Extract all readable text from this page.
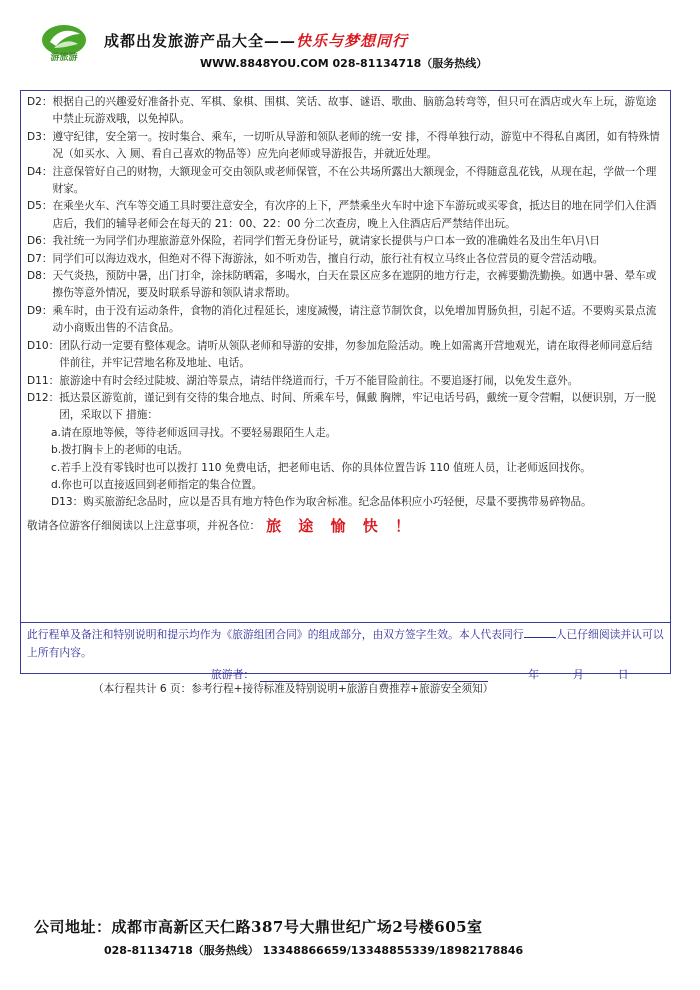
游旅游
成都出发旅游产品大全——快乐与梦想同行
WWW.8848YOU.COM 028-81134718（服务热线）
D2： 根据自己的兴趣爱好准备扑克、军棋、象棋、围棋、笑话、故事、谜语、歌曲、脑筋急转弯等，但只可在酒店或火车上玩，游览途中禁止玩游戏哦，以免掉队。
D3： 遵守纪律，安全第一。按时集合、乘车，一切听从导游和领队老师的统一安 排，不得单独行动，游览中不得私自离团，如有特殊情况（如买水、入 厕、看自己喜欢的物品等）应先向老师或导游报告，并就近处理。
D4： 注意保管好自己的财物，大额现金可交由领队或老师保管，不在公共场所露出大额现金，不得随意乱花钱，从现在起，学做一个理财家。
D5： 在乘坐火车、汽车等交通工具时要注意安全，有次序的上下，严禁乘坐火车时中途下车游玩或买零食，抵达目的地在同学们入住酒店后，我们的辅导老师会在每天的 21：00、22：00 分二次查房，晚上入住酒店后严禁结伴出玩。
D6： 我社统一为同学们办理旅游意外保险，若同学们暂无身份证号，就请家长提供与户口本一致的准确姓名及出生年\月\日
D7： 同学们可以海边戏水，但绝对不得下海游泳，如不听劝告，擅自行动，旅行社有权立马终止各位营员的夏令营活动哦。
D8： 天气炎热，预防中暑，出门打伞，涂抹防晒霜，多喝水，白天在景区应多在遮阴的地方行走，衣裤要勤洗勤换。如遇中暑、晕车或擦伤等意外情况，要及时联系导游和领队请求帮助。
D9： 乘车时，由于没有运动条件，食物的消化过程延长，速度减慢，请注意节制饮食，以免增加胃肠负担，引起不适。不要购买景点流动小商贩出售的不洁食品。
D10： 团队行动一定要有整体观念。请听从领队老师和导游的安排，勿参加危险活动。晚上如需离开营地观光，请在取得老师同意后结伴前往，并牢记营地名称及地址、电话。
D11： 旅游途中有时会经过陡坡、湖泊等景点，请结伴绕道而行，千万不能冒险前往。不要追逐打闹，以免发生意外。
D12： 抵达景区游览前，谨记到有交待的集合地点、时间、所乘车号，佩戴 胸牌，牢记电话号码，戴统一夏令营帽，以便识别，万一脱团，采取以下 措施：
a.请在原地等候，等待老师返回寻找。不要轻易跟陌生人走。
b.拨打胸卡上的老师的电话。
c.若手上没有零钱时也可以拨打 110 免费电话，把老师电话、你的具体位置告诉 110 值班人员，让老师返回找你。
d.你也可以直接返回到老师指定的集合位置。
D13：购买旅游纪念品时，应以是否具有地方特色作为取舍标准。纪念品体积应小巧轻便，尽量不要携带易碎物品。
敬请各位游客仔细阅读以上注意事项，并祝各位： 旅 途 愉 快 ！
此行程单及备注和特别说明和提示均作为《旅游组团合同》的组成部分，由双方签字生效。本人代表同行	人已仔细阅读并认可以上所有内容。
旅游者：	年	月	日
（本行程共计 6 页：参考行程+接待标准及特别说明+旅游自费推荐+旅游安全须知）
公司地址：成都市高新区天仁路387号大鼎世纪广场2号楼605室
028-81134718（服务热线） 13348866659/13348855339/18982178846
